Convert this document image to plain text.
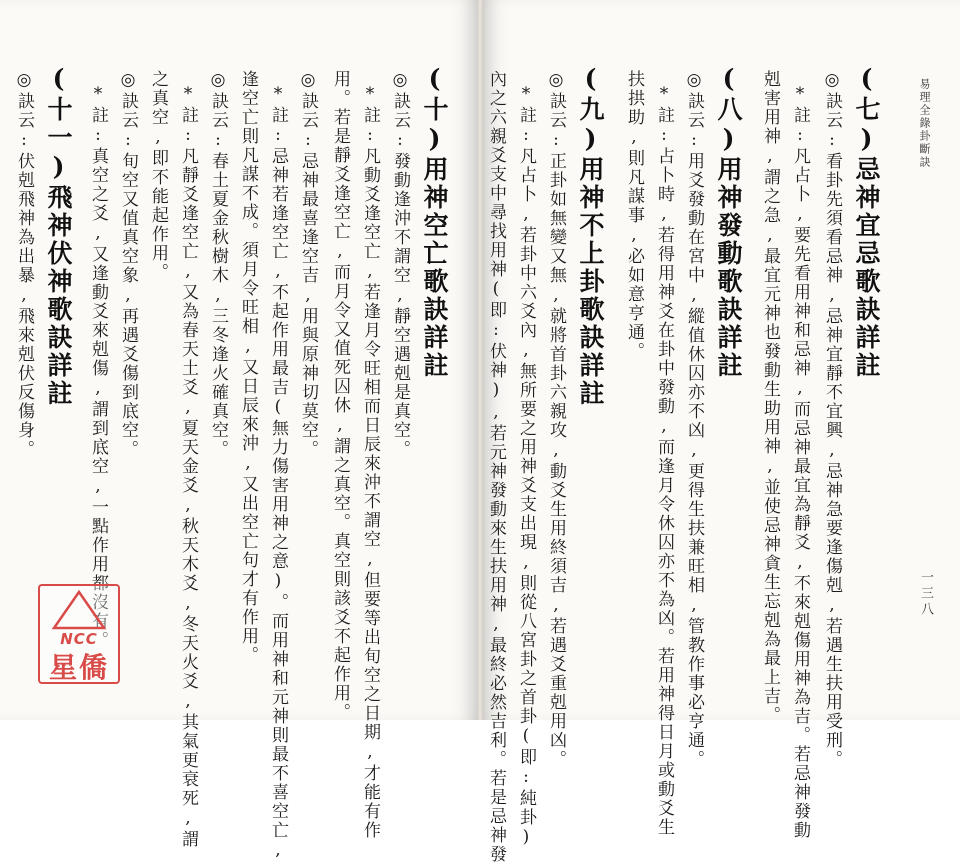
易理全錄卦斷訣
一三八
(七)忌神宜忌歌訣詳註
◎訣云:看卦先須看忌神,忌神宜靜不宜興,忌神急要逢傷剋,若遇生扶用受刑。
*註:凡占卜,要先看用神和忌神,而忌神最宜為靜爻,不來剋傷用神為吉。若忌神發動
剋害用神,謂之急,最宜元神也發動生助用神,並使忌神貪生忘剋為最上吉。
(八)用神發動歌訣詳註
◎訣云:用爻發動在宮中,縱值休囚亦不凶,更得生扶兼旺相,管教作事必亨通。
*註:占卜時,若得用神爻在卦中發動,而逢月令休囚亦不為凶。若用神得日月或動爻生
扶拱助,則凡謀事,必如意亨通。
(九)用神不上卦歌訣詳註
◎訣云:正卦如無變又無,就將首卦六親攻,動爻生用終須吉,若遇爻重剋用凶。
*註:凡占卜,若卦中六爻內,無所要之用神爻支出現,則從八宮卦之首卦(即:純卦)
內之六親爻支中尋找用神(即:伏神),若元神發動來生扶用神,最終必然吉利。若是忌神發
(十)用神空亡歌訣詳註
◎訣云:發動逢沖不謂空,靜空遇剋是真空。
*註:凡動爻逢空亡,若逢月令旺相而日辰來沖不謂空,但要等出旬空之日期,才能有作
用。若是靜爻逢空亡,而月令又值死囚休,謂之真空。真空則該爻不起作用。
◎訣云:忌神最喜逢空吉,用與原神切莫空。
*註:忌神若逢空亡,不起作用最吉(無力傷害用神之意)。而用神和元神則最不喜空亡,
逢空亡則凡謀不成。須月令旺相,又日辰來沖,又出空亡句才有作用。
◎訣云:春土夏金秋樹木,三冬逢火確真空。
*註:凡靜爻逢空亡,又為春天土爻,夏天金爻,秋天木爻,冬天火爻,其氣更衰死,謂
之真空,即不能起作用。
◎訣云:旬空又值真空象,再遇爻傷到底空。
*註:真空之爻,又逢動爻來剋傷,謂到底空,一點作用都沒有。
(十一)飛神伏神歌訣詳註
◎訣云:伏剋飛神為出暴,飛來剋伏反傷身。
NCC
星僑
